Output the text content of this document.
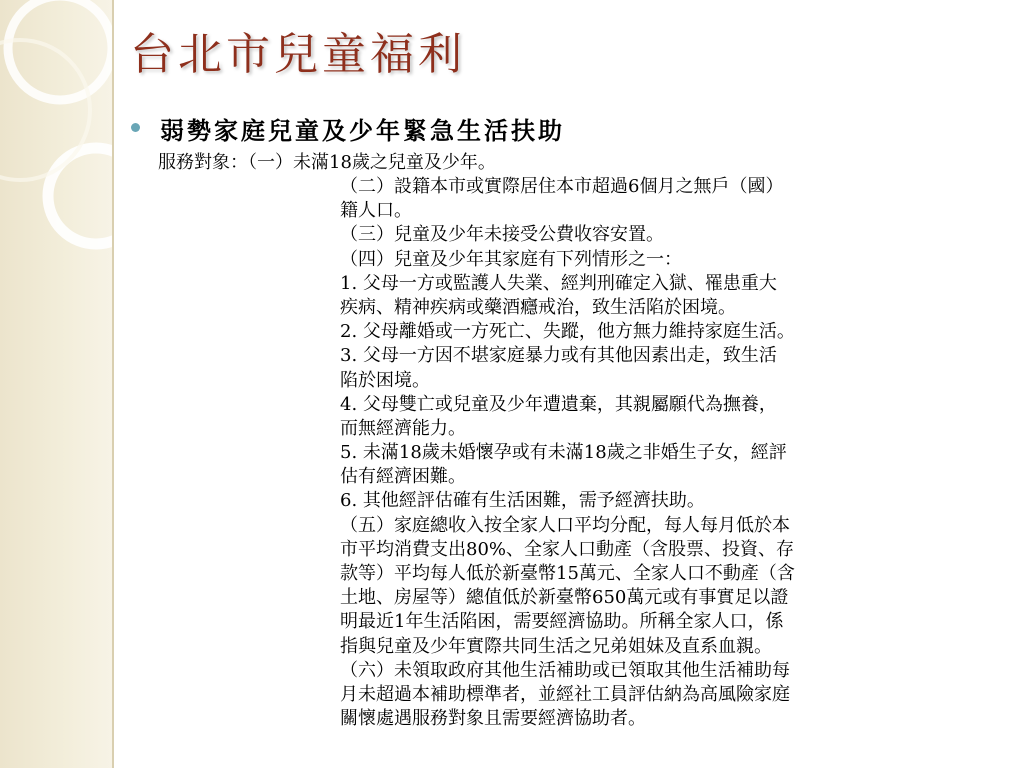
台北市兒童福利
弱勢家庭兒童及少年緊急生活扶助
服務對象：（一）未滿18歲之兒童及少年。
（二）設籍本市或實際居住本市超過6個月之無戶（國）
籍人口。
（三）兒童及少年未接受公費收容安置。
（四）兒童及少年其家庭有下列情形之一：
1. 父母一方或監護人失業、經判刑確定入獄、罹患重大
疾病、精神疾病或藥酒癮戒治，致生活陷於困境。
2. 父母離婚或一方死亡、失蹤，他方無力維持家庭生活。
3. 父母一方因不堪家庭暴力或有其他因素出走，致生活
陷於困境。
4. 父母雙亡或兒童及少年遭遺棄，其親屬願代為撫養，
而無經濟能力。
5. 未滿18歲未婚懷孕或有未滿18歲之非婚生子女，經評
估有經濟困難。
6. 其他經評估確有生活困難，需予經濟扶助。
（五）家庭總收入按全家人口平均分配，每人每月低於本
市平均消費支出80%、全家人口動產（含股票、投資、存
款等）平均每人低於新臺幣15萬元、全家人口不動產（含
土地、房屋等）總值低於新臺幣650萬元或有事實足以證
明最近1年生活陷困，需要經濟協助。所稱全家人口，係
指與兒童及少年實際共同生活之兄弟姐妹及直系血親。
（六）未領取政府其他生活補助或已領取其他生活補助每
月未超過本補助標準者，並經社工員評估納為高風險家庭
關懷處遇服務對象且需要經濟協助者。
